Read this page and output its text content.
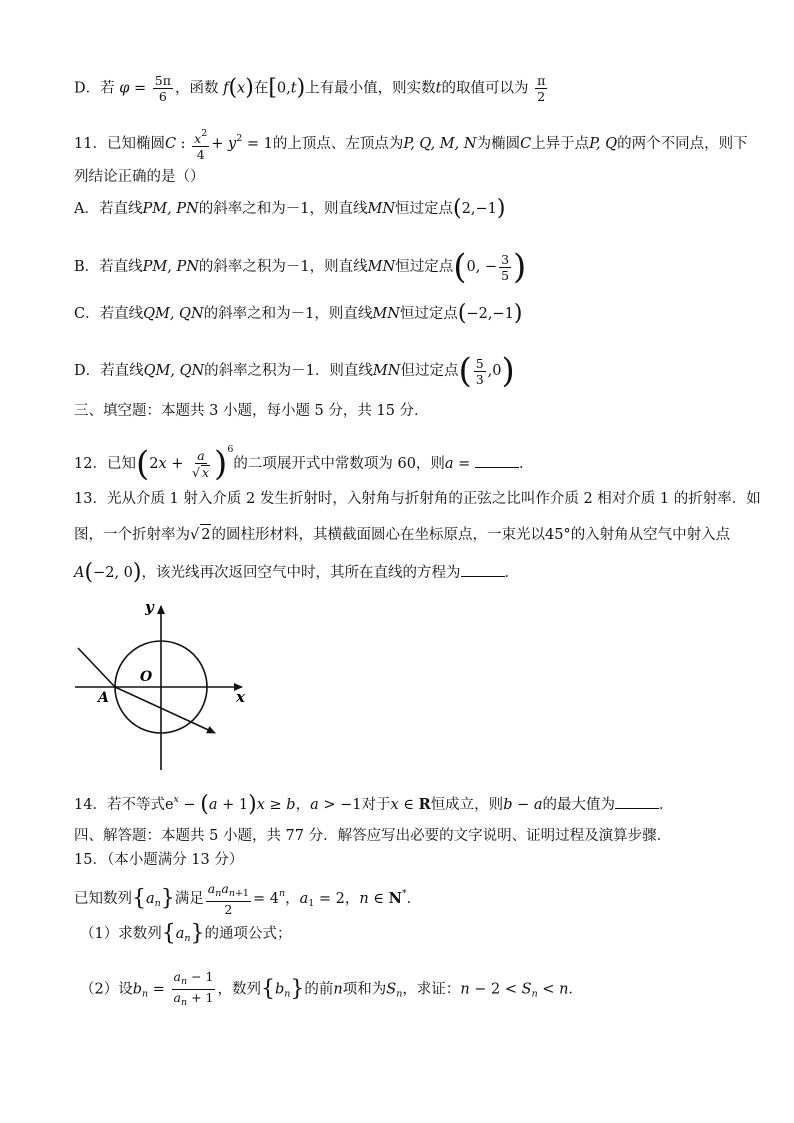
D．若 $\varphi = \frac{5\pi}{6}$ ，函数 f(x)在[0,t)上有最小值，则实数t的取值可以为 $\frac{\pi}{2}$
11．已知椭圆C : $\frac{x^2}{4} + y^2 = 1$的上顶点、左顶点为P, Q, M, N为椭圆C上异于点P, Q的两个不同点，则下
列结论正确的是（）
A．若直线PM, PN的斜率之和为－1，则直线MN恒过定点(2,−1)
B．若直线PM, PN的斜率之积为－1，则直线MN恒过定点(0, − $\frac{3}{5}$ )
C．若直线QM, QN的斜率之和为－1，则直线MN恒过定点(−2,−1)
D．若直线QM, QN的斜率之积为－1．则直线MN但过定点( $\frac{5}{3} ,0$)
三、填空题：本题共 3 小题，每小题 5 分，共 15 分．
12．已知$(2x + \frac{a}{√ x} )^6$的二项展开式中常数项为 60，则a =	．
13．光从介质 1 射入介质 2 发生折射时，入射角与折射角的正弦之比叫作介质 2 相对介质 1 的折射率．如
图，一个折射率为√ 2的圆柱形材料，其横截面圆心在坐标原点，一束光以45°的入射角从空气中射入点
A(−2, 0)，该光线再次返回空气中时，其所在直线的方程为	．
y
x
O
A
14．若不等式$e^x - (a + 1)x \ge b$，a > −1对于x ∈ R恒成立，则b − a的最大值为	．
四、解答题：本题共 5 小题，共 77 分．解答应写出必要的文字说明、证明过程及演算步骤．
15．（本小题满分 13 分）
已知数列$\{a_n\}$满足 $\frac{a_na_{n+1}}{2} = 4^n$，$a_1 = 2$，n ∈ N*．
（1）求数列$\{a_n\}$的通项公式；
（2）设$b_n = \frac{a_n - 1}{a_n + 1}$ ，数列$\{b_n\}$的前n项和为$S_n$，求证：$n - 2 < S_n < n$．
